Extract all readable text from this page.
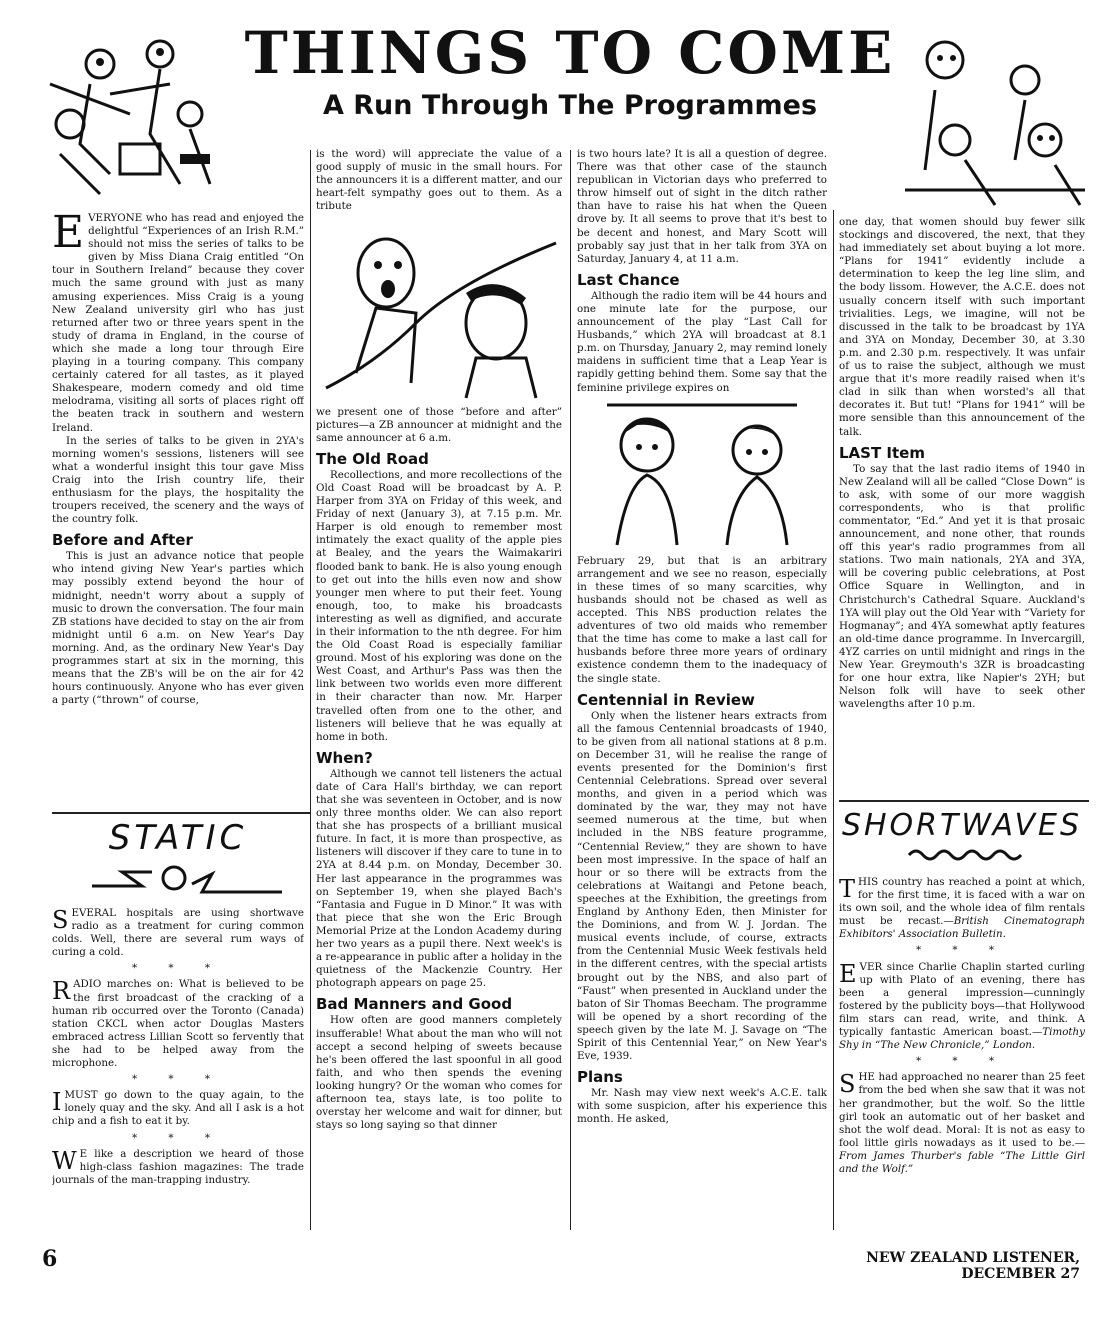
THINGS TO COME
A Run Through The Programmes

EVERYONE who has read and enjoyed the delightful “Experiences of an Irish R.M.” should not miss the series of talks to be given by Miss Diana Craig entitled “On tour in Southern Ireland” because they cover much the same ground with just as many amusing experiences. Miss Craig is a young New Zealand university girl who has just returned after two or three years spent in the study of drama in England, in the course of which she made a long tour through Eire playing in a touring company. This company certainly catered for all tastes, as it played Shakespeare, modern comedy and old time melodrama, visiting all sorts of places right off the beaten track in southern and western Ireland.

In the series of talks to be given in 2YA's morning women's sessions, listeners will see what a wonderful insight this tour gave Miss Craig into the Irish country life, their enthusiasm for the plays, the hospitality the troupers received, the scenery and the ways of the country folk.

Before and After

This is just an advance notice that people who intend giving New Year's parties which may possibly extend beyond the hour of midnight, needn't worry about a supply of music to drown the conversation. The four main ZB stations have decided to stay on the air from midnight until 6 a.m. on New Year's Day morning. And, as the ordinary New Year's Day programmes start at six in the morning, this means that the ZB's will be on the air for 42 hours continuously. Anyone who has ever given a party (“thrown” of course,

STATIC

SEVERAL hospitals are using shortwave radio as a treatment for curing common colds. Well, there are several rum ways of curing a cold.

* * *

RADIO marches on: What is believed to be the first broadcast of the cracking of a human rib occurred over the Toronto (Canada) station CKCL when actor Douglas Masters embraced actress Lillian Scott so fervently that she had to be helped away from the microphone.

* * *

IMUST go down to the quay again, to the lonely quay and the sky. And all I ask is a hot chip and a fish to eat it by.

* * *

W E like a description we heard of those high-class fashion magazines: The trade journals of the man-trapping industry.

is the word) will appreciate the value of a good supply of music in the small hours. For the announcers it is a different matter, and our heart-felt sympathy goes out to them. As a tribute

we present one of those “before and after” pictures—a ZB announcer at midnight and the same announcer at 6 a.m.

The Old Road

Recollections, and more recollections of the Old Coast Road will be broadcast by A. P. Harper from 3YA on Friday of this week, and Friday of next (January 3), at 7.15 p.m. Mr. Harper is old enough to remember most intimately the exact quality of the apple pies at Bealey, and the years the Waimakariri flooded bank to bank. He is also young enough to get out into the hills even now and show younger men where to put their feet. Young enough, too, to make his broadcasts interesting as well as dignified, and accurate in their information to the nth degree. For him the Old Coast Road is especially familiar ground. Most of his exploring was done on the West Coast, and Arthur's Pass was then the link between two worlds even more different in their character than now. Mr. Harper travelled often from one to the other, and listeners will believe that he was equally at home in both.

When?

Although we cannot tell listeners the actual date of Cara Hall's birthday, we can report that she was seventeen in October, and is now only three months older. We can also report that she has prospects of a brilliant musical future. In fact, it is more than prospective, as listeners will discover if they care to tune in to 2YA at 8.44 p.m. on Monday, December 30. Her last appearance in the programmes was on September 19, when she played Bach's “Fantasia and Fugue in D Minor.” It was with that piece that she won the Eric Brough Memorial Prize at the London Academy during her two years as a pupil there. Next week's is a re-appearance in public after a holiday in the quietness of the Mackenzie Country. Her photograph appears on page 25.

Bad Manners and Good

How often are good manners completely insufferable! What about the man who will not accept a second helping of sweets because he's been offered the last spoonful in all good faith, and who then spends the evening looking hungry? Or the woman who comes for afternoon tea, stays late, is too polite to overstay her welcome and wait for dinner, but stays so long saying so that dinner

is two hours late? It is all a question of degree. There was that other case of the staunch republican in Victorian days who preferred to throw himself out of sight in the ditch rather than have to raise his hat when the Queen drove by. It all seems to prove that it's best to be decent and honest, and Mary Scott will probably say just that in her talk from 3YA on Saturday, January 4, at 11 a.m.

Last Chance

Although the radio item will be 44 hours and one minute late for the purpose, our announcement of the play “Last Call for Husbands,” which 2YA will broadcast at 8.1 p.m. on Thursday, January 2, may remind lonely maidens in sufficient time that a Leap Year is rapidly getting behind them. Some say that the feminine privilege expires on

February 29, but that is an arbitrary arrangement and we see no reason, especially in these times of so many scarcities, why husbands should not be chased as well as accepted. This NBS production relates the adventures of two old maids who remember that the time has come to make a last call for husbands before three more years of ordinary existence condemn them to the inadequacy of the single state.

Centennial in Review

Only when the listener hears extracts from all the famous Centennial broadcasts of 1940, to be given from all national stations at 8 p.m. on December 31, will he realise the range of events presented for the Dominion's first Centennial Celebrations. Spread over several months, and given in a period which was dominated by the war, they may not have seemed numerous at the time, but when included in the NBS feature programme, “Centennial Review,” they are shown to have been most impressive. In the space of half an hour or so there will be extracts from the celebrations at Waitangi and Petone beach, speeches at the Exhibition, the greetings from England by Anthony Eden, then Minister for the Dominions, and from W. J. Jordan. The musical events include, of course, extracts from the Centennial Music Week festivals held in the different centres, with the special artists brought out by the NBS, and also part of “Faust” when presented in Auckland under the baton of Sir Thomas Beecham. The programme will be opened by a short recording of the speech given by the late M. J. Savage on “The Spirit of this Centennial Year,” on New Year's Eve, 1939.

Plans

Mr. Nash may view next week's A.C.E. talk with some suspicion, after his experience this month. He asked,

one day, that women should buy fewer silk stockings and discovered, the next, that they had immediately set about buying a lot more. “Plans for 1941” evidently include a determination to keep the leg line slim, and the body lissom. However, the A.C.E. does not usually concern itself with such important trivialities. Legs, we imagine, will not be discussed in the talk to be broadcast by 1YA and 3YA on Monday, December 30, at 3.30 p.m. and 2.30 p.m. respectively. It was unfair of us to raise the subject, although we must argue that it's more readily raised when it's clad in silk than when worsted's all that decorates it. But tut! “Plans for 1941” will be more sensible than this announcement of the talk.

LAST Item

To say that the last radio items of 1940 in New Zealand will all be called “Close Down” is to ask, with some of our more waggish correspondents, who is that prolific commentator, “Ed.” And yet it is that prosaic announcement, and none other, that rounds off this year's radio programmes from all stations. Two main nationals, 2YA and 3YA, will be covering public celebrations, at Post Office Square in Wellington, and in Christchurch's Cathedral Square. Auckland's 1YA will play out the Old Year with “Variety for Hogmanay”; and 4YA somewhat aptly features an old-time dance programme. In Invercargill, 4YZ carries on until midnight and rings in the New Year. Greymouth's 3ZR is broadcasting for one hour extra, like Napier's 2YH; but Nelson folk will have to seek other wavelengths after 10 p.m.

SHORTWAVES

THIS country has reached a point at which, for the first time, it is faced with a war on its own soil, and the whole idea of film rentals must be recast.—British Cinematograph Exhibitors' Association Bulletin.

* * *

EVER since Charlie Chaplin started curling up with Plato of an evening, there has been a general impression—cunningly fostered by the publicity boys—that Hollywood film stars can read, write, and think. A typically fantastic American boast.—Timothy Shy in “The New Chronicle,” London.

* * *

SHE had approached no nearer than 25 feet from the bed when she saw that it was not her grandmother, but the wolf. So the little girl took an automatic out of her basket and shot the wolf dead. Moral: It is not as easy to fool little girls nowadays as it used to be.—From James Thurber's fable “The Little Girl and the Wolf.”

6	NEW ZEALAND LISTENER, DECEMBER 27
